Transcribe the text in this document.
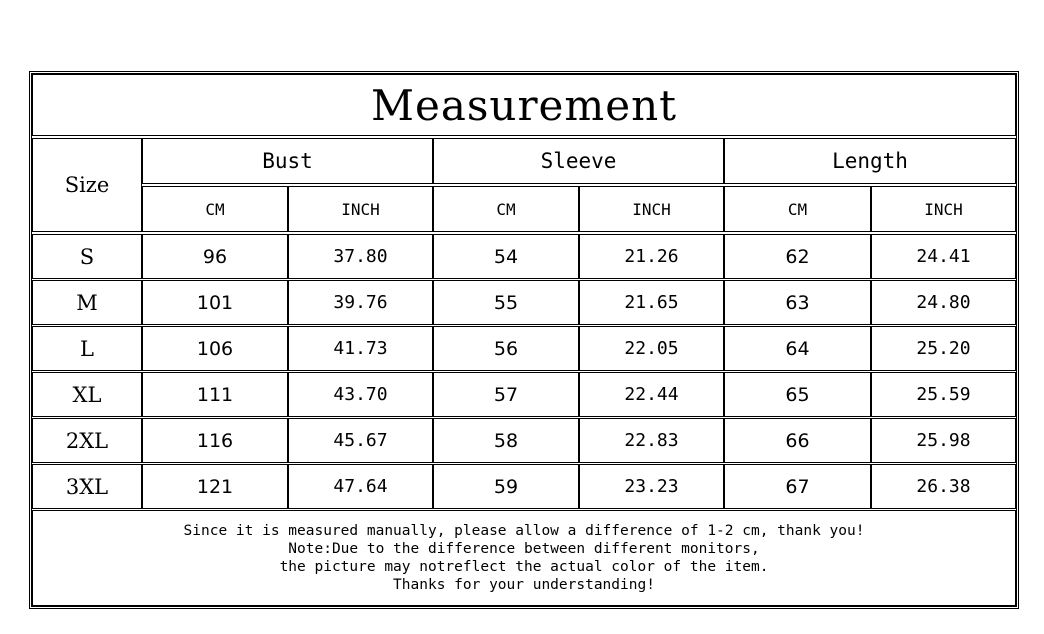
Measurement
Size
Bust	Sleeve	Length
CM	INCH	CM	INCH	CM	INCH
S	96	37.80	54	21.26	62	24.41
M	101	39.76	55	21.65	63	24.80
L	106	41.73	56	22.05	64	25.20
XL	111	43.70	57	22.44	65	25.59
2XL	116	45.67	58	22.83	66	25.98
3XL	121	47.64	59	23.23	67	26.38
Since it is measured manually, please allow a difference of 1-2 cm, thank you!
Note:Due to the difference between different monitors,
the picture may notreflect the actual color of the item.
Thanks for your understanding!
